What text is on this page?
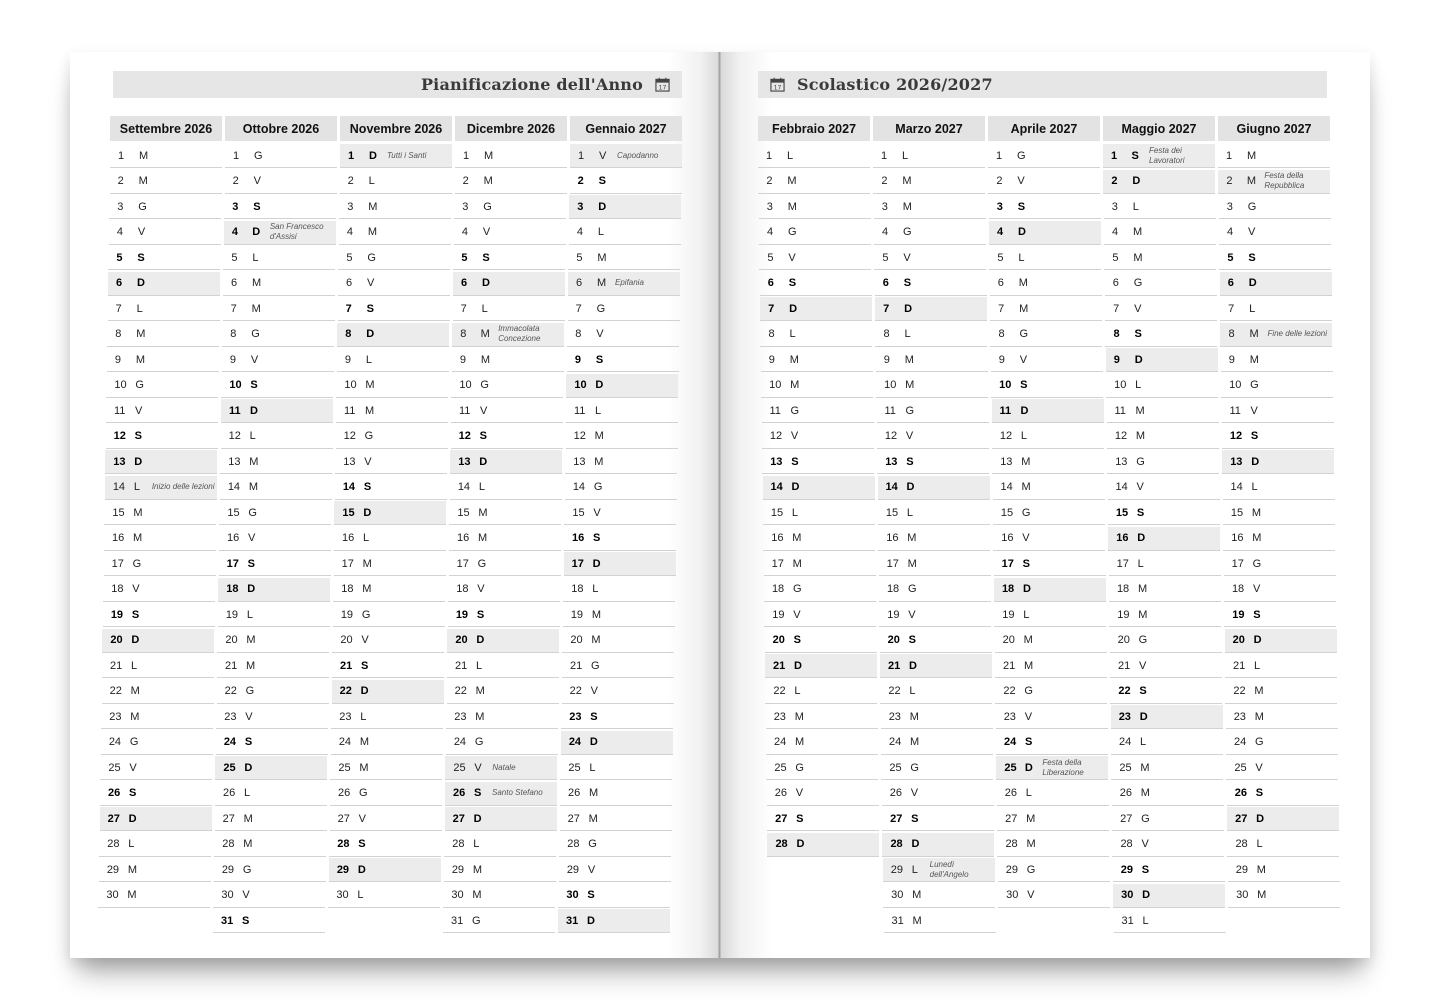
Pianificazione dell'Anno 17
Settembre 2026
1	M
2	M
3	G
4	V
5	S
6	D
7	L
8	M
9	M
10 G
11 V
12 S
13 D
14 L	Inizio delle lezioni
15 M
16 M
17 G
18 V
19 S
20 D
21 L
22 M
23 M
24 G
25 V
26 S
27 D
28 L
29 M
30 M
Ottobre 2026
1	G
2	V
3	S
4	D	San Francesco d'Assisi
5	L
6	M
7	M
8	G
9	V
10 S
11 D
12 L
13 M
14 M
15 G
16 V
17 S
18 D
19 L
20 M
21 M
22 G
23 V
24 S
25 D
26 L
27 M
28 M
29 G
30 V
31 S
Novembre 2026
1	D	Tutti i Santi
2	L
3	M
4	M
5	G
6	V
7	S
8	D
9	L
10 M
11 M
12 G
13 V
14 S
15 D
16 L
17 M
18 M
19 G
20 V
21 S
22 D
23 L
24 M
25 M
26 G
27 V
28 S
29 D
30 L
Dicembre 2026
1	M
2	M
3	G
4	V
5	S
6	D
7	L
8	M Immacolata Concezione
9	M
10 G
11 V
12 S
13 D
14 L
15 M
16 M
17 G
18 V
19 S
20 D
21 L
22 M
23 M
24 G
25 V	Natale
26 S	Santo Stefano
27 D
28 L
29 M
30 M
31 G
Gennaio 2027
1	V	Capodanno
2	S
3	D
4	L
5	M
6	M	Epifania
7	G
8	V
9	S
10 D
11 L
12 M
13 M
14 G
15 V
16 S
17 D
18 L
19 M
20 M
21 G
22 V
23 S
24 D
25 L
26 M
27 M
28 G
29 V
30 S
31 D
17 Scolastico 2026/2027
Febbraio 2027
1	L
2	M
3	M
4	G
5	V
6	S
7	D
8	L
9	M
10 M
11 G
12 V
13 S
14 D
15 L
16 M
17 M
18 G
19 V
20 S
21 D
22 L
23 M
24 M
25 G
26 V
27 S
28 D
Marzo 2027
1	L
2	M
3	M
4	G
5	V
6	S
7	D
8	L
9	M
10 M
11 G
12 V
13 S
14 D
15 L
16 M
17 M
18 G
19 V
20 S
21 D
22 L
23 M
24 M
25 G
26 V
27 S
28 D
29 L	Lunedì dell'Angelo
30 M
31 M
Aprile 2027
1	G
2	V
3	S
4	D
5	L
6	M
7	M
8	G
9	V
10 S
11 D
12 L
13 M
14 M
15 G
16 V
17 S
18 D
19 L
20 M
21 M
22 G
23 V
24 S
25 D	Festa della Liberazione
26 L
27 M
28 M
29 G
30 V
Maggio 2027
1	S	Festa dei Lavoratori
2	D
3	L
4	M
5	M
6	G
7	V
8	S
9	D
10 L
11 M
12 M
13 G
14 V
15 S
16 D
17 L
18 M
19 M
20 G
21 V
22 S
23 D
24 L
25 M
26 M
27 G
28 V
29 S
30 D
31 L
Giugno 2027
1	M
2	M Festa della Repubblica
3	G
4	V
5	S
6	D
7	L
8	M	Fine delle lezioni
9	M
10 G
11 V
12 S
13 D
14 L
15 M
16 M
17 G
18 V
19 S
20 D
21 L
22 M
23 M
24 G
25 V
26 S
27 D
28 L
29 M
30 M
